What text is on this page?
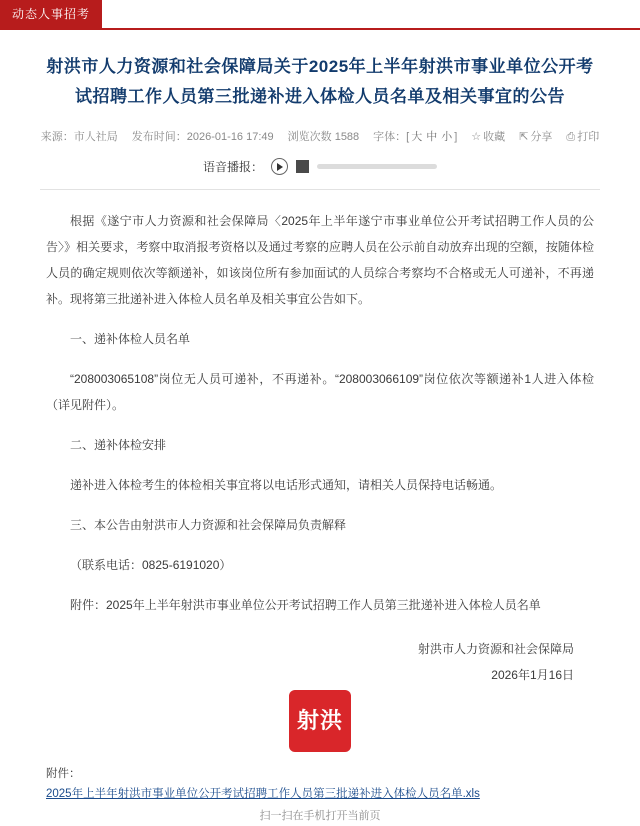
动态人事招考
射洪市人力资源和社会保障局关于2025年上半年射洪市事业单位公开考试招聘工作人员第三批递补进入体检人员名单及相关事宜的公告
来源：市人社局 发布时间：2026-01-16 17:49 浏览次数 1588 字体：[ 大 中 小 ] ☆ 收藏 ⇱ 分享 ⎙ 打印
语音播报：

根据《遂宁市人力资源和社会保障局〈2025年上半年遂宁市事业单位公开考试招聘工作人员的公告〉》相关要求，考察中取消报考资格以及通过考察的应聘人员在公示前自动放弃出现的空额，按随体检人员的确定规则依次等额递补，如该岗位所有参加面试的人员综合考察均不合格或无人可递补，不再递补。现将第三批递补进入体检人员名单及相关事宜公告如下。

一、递补体检人员名单

“208003065108”岗位无人员可递补，不再递补。“208003066109”岗位依次等额递补1人进入体检（详见附件）。

二、递补体检安排

递补进入体检考生的体检相关事宜将以电话形式通知，请相关人员保持电话畅通。

三、本公告由射洪市人力资源和社会保障局负责解释

（联系电话：0825-6191020）

附件：2025年上半年射洪市事业单位公开考试招聘工作人员第三批递补进入体检人员名单

射洪市人力资源和社会保障局
2026年1月16日
射洪
附件：
2025年上半年射洪市事业单位公开考试招聘工作人员第三批递补进入体检人员名单.xls
扫一扫在手机打开当前页
